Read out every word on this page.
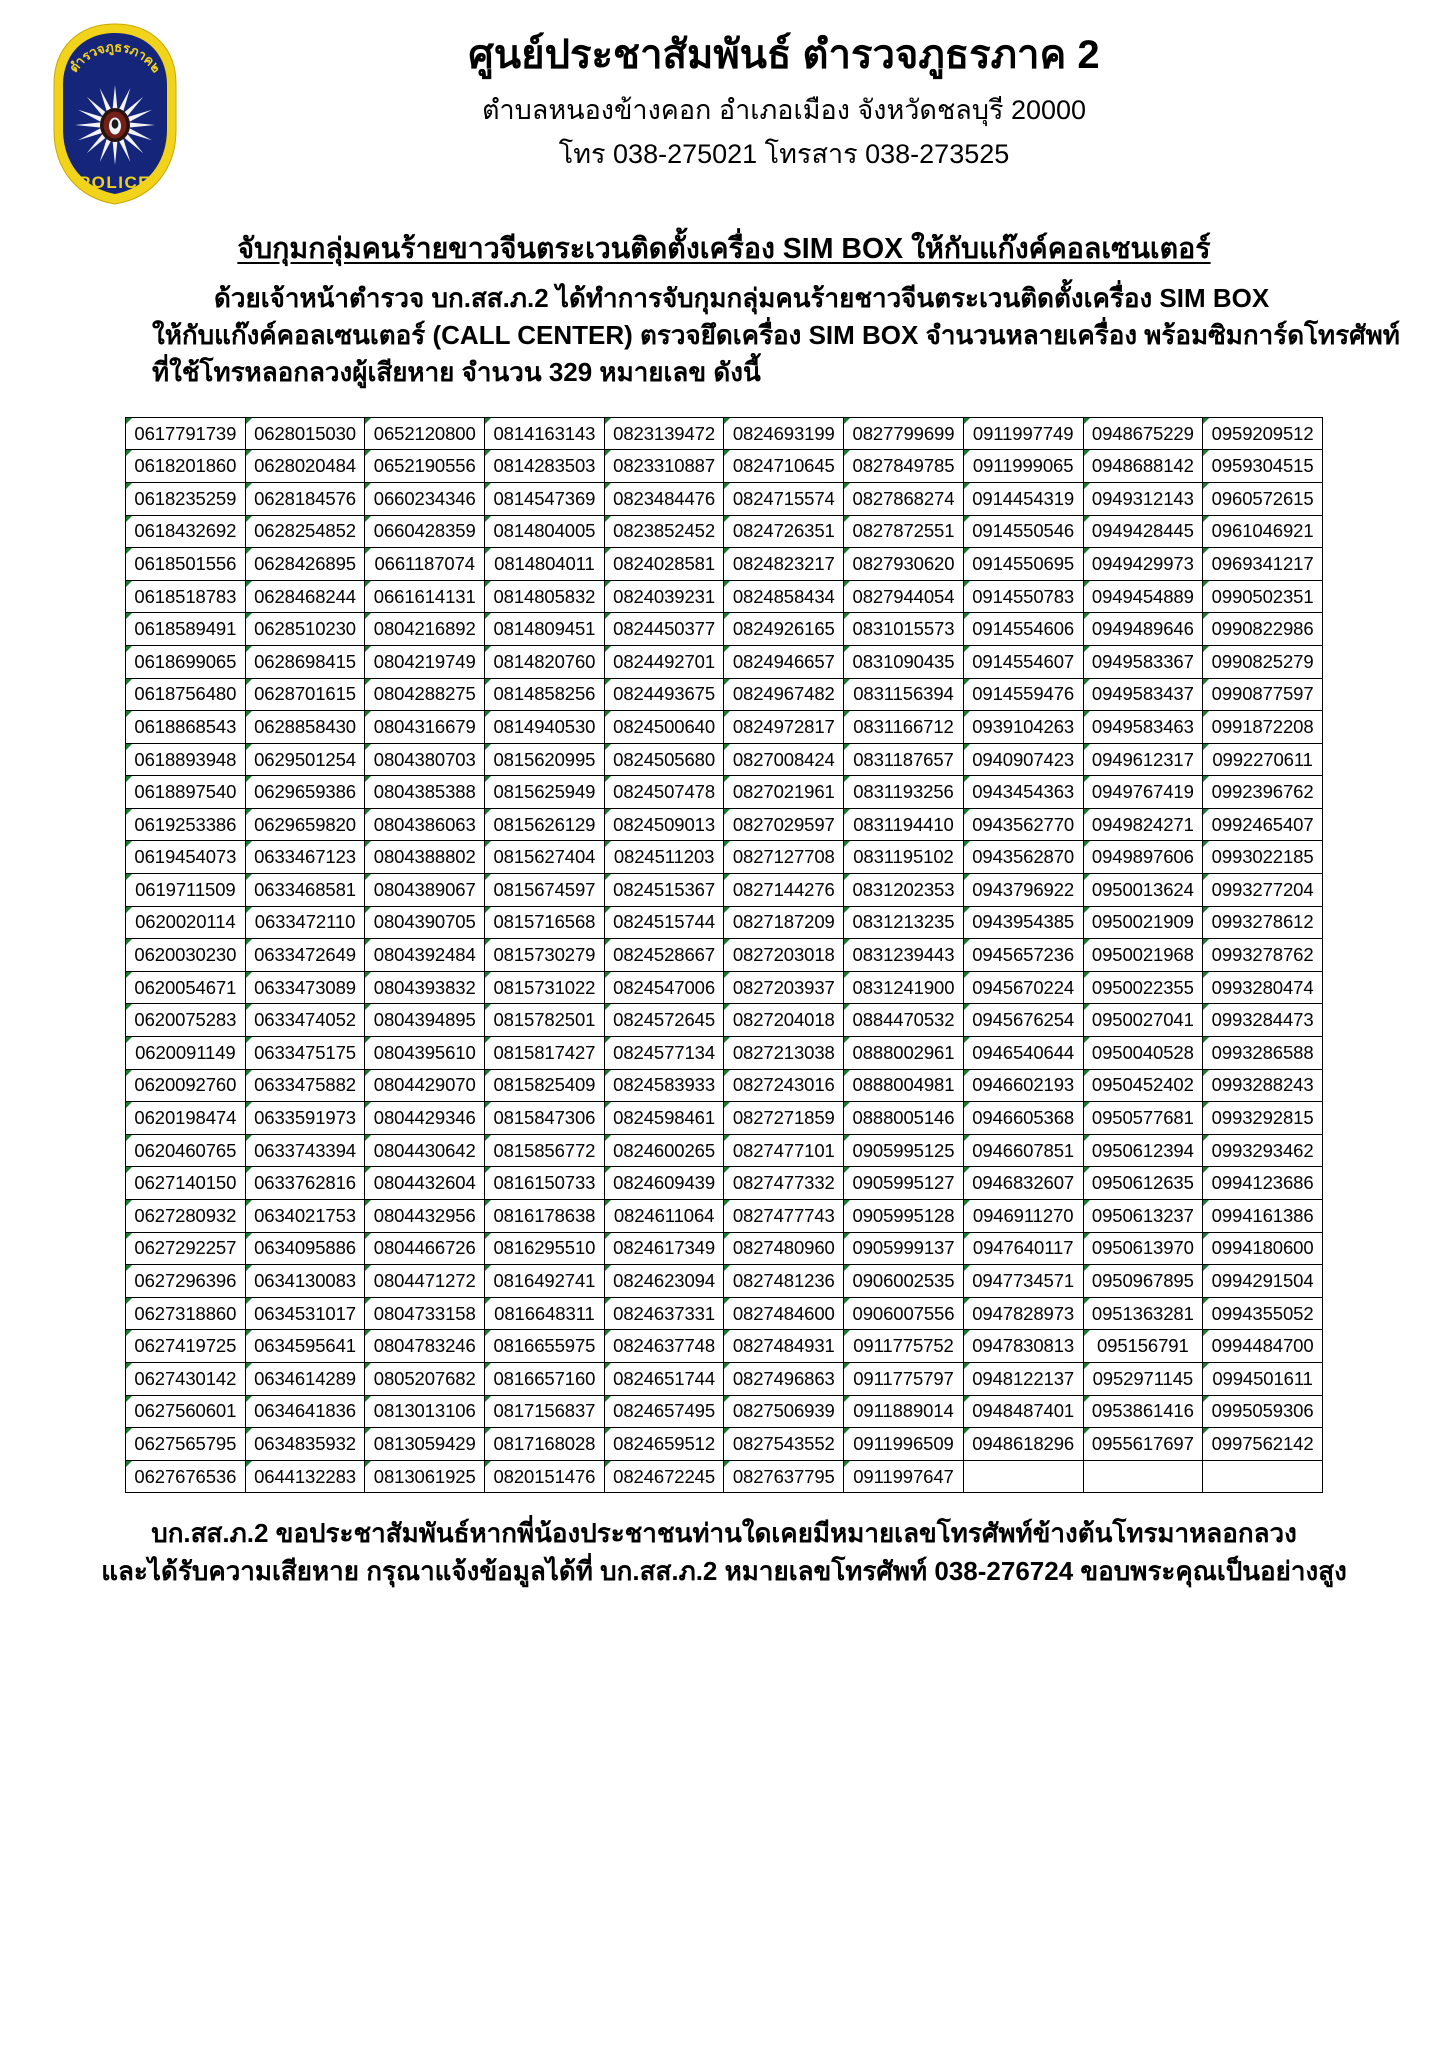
ตำรวจภูธรภาค๒
POLICE
ศูนย์ประชาสัมพันธ์ ตำรวจภูธรภาค 2
ตำบลหนองข้างคอก อำเภอเมือง จังหวัดชลบุรี 20000
โทร 038-275021 โทรสาร 038-273525
จับกุมกลุ่มคนร้ายขาวจีนตระเวนติดตั้งเครื่อง SIM BOX ให้กับแก๊งค์คอลเซนเตอร์
ด้วยเจ้าหน้าตำรวจ บก.สส.ภ.2 ได้ทำการจับกุมกลุ่มคนร้ายชาวจีนตระเวนติดตั้งเครื่อง SIM BOX
ให้กับแก๊งค์คอลเซนเตอร์ (CALL CENTER) ตรวจยึดเครื่อง SIM BOX จำนวนหลายเครื่อง พร้อมซิมการ์ดโทรศัพท์
ที่ใช้โทรหลอกลวงผู้เสียหาย จำนวน 329 หมายเลข ดังนี้
0617791739	0628015030	0652120800	0814163143	0823139472	0824693199	0827799699	0911997749	0948675229	0959209512
0618201860	0628020484	0652190556	0814283503	0823310887	0824710645	0827849785	0911999065	0948688142	0959304515
0618235259	0628184576	0660234346	0814547369	0823484476	0824715574	0827868274	0914454319	0949312143	0960572615
0618432692	0628254852	0660428359	0814804005	0823852452	0824726351	0827872551	0914550546	0949428445	0961046921
0618501556	0628426895	0661187074	0814804011	0824028581	0824823217	0827930620	0914550695	0949429973	0969341217
0618518783	0628468244	0661614131	0814805832	0824039231	0824858434	0827944054	0914550783	0949454889	0990502351
0618589491	0628510230	0804216892	0814809451	0824450377	0824926165	0831015573	0914554606	0949489646	0990822986
0618699065	0628698415	0804219749	0814820760	0824492701	0824946657	0831090435	0914554607	0949583367	0990825279
0618756480	0628701615	0804288275	0814858256	0824493675	0824967482	0831156394	0914559476	0949583437	0990877597
0618868543	0628858430	0804316679	0814940530	0824500640	0824972817	0831166712	0939104263	0949583463	0991872208
0618893948	0629501254	0804380703	0815620995	0824505680	0827008424	0831187657	0940907423	0949612317	0992270611
0618897540	0629659386	0804385388	0815625949	0824507478	0827021961	0831193256	0943454363	0949767419	0992396762
0619253386	0629659820	0804386063	0815626129	0824509013	0827029597	0831194410	0943562770	0949824271	0992465407
0619454073	0633467123	0804388802	0815627404	0824511203	0827127708	0831195102	0943562870	0949897606	0993022185
0619711509	0633468581	0804389067	0815674597	0824515367	0827144276	0831202353	0943796922	0950013624	0993277204
0620020114	0633472110	0804390705	0815716568	0824515744	0827187209	0831213235	0943954385	0950021909	0993278612
0620030230	0633472649	0804392484	0815730279	0824528667	0827203018	0831239443	0945657236	0950021968	0993278762
0620054671	0633473089	0804393832	0815731022	0824547006	0827203937	0831241900	0945670224	0950022355	0993280474
0620075283	0633474052	0804394895	0815782501	0824572645	0827204018	0884470532	0945676254	0950027041	0993284473
0620091149	0633475175	0804395610	0815817427	0824577134	0827213038	0888002961	0946540644	0950040528	0993286588
0620092760	0633475882	0804429070	0815825409	0824583933	0827243016	0888004981	0946602193	0950452402	0993288243
0620198474	0633591973	0804429346	0815847306	0824598461	0827271859	0888005146	0946605368	0950577681	0993292815
0620460765	0633743394	0804430642	0815856772	0824600265	0827477101	0905995125	0946607851	0950612394	0993293462
0627140150	0633762816	0804432604	0816150733	0824609439	0827477332	0905995127	0946832607	0950612635	0994123686
0627280932	0634021753	0804432956	0816178638	0824611064	0827477743	0905995128	0946911270	0950613237	0994161386
0627292257	0634095886	0804466726	0816295510	0824617349	0827480960	0905999137	0947640117	0950613970	0994180600
0627296396	0634130083	0804471272	0816492741	0824623094	0827481236	0906002535	0947734571	0950967895	0994291504
0627318860	0634531017	0804733158	0816648311	0824637331	0827484600	0906007556	0947828973	0951363281	0994355052
0627419725	0634595641	0804783246	0816655975	0824637748	0827484931	0911775752	0947830813	095156791	0994484700
0627430142	0634614289	0805207682	0816657160	0824651744	0827496863	0911775797	0948122137	0952971145	0994501611
0627560601	0634641836	0813013106	0817156837	0824657495	0827506939	0911889014	0948487401	0953861416	0995059306
0627565795	0634835932	0813059429	0817168028	0824659512	0827543552	0911996509	0948618296	0955617697	0997562142
0627676536	0644132283	0813061925	0820151476	0824672245	0827637795	0911997647			
บก.สส.ภ.2 ขอประชาสัมพันธ์หากพี่น้องประชาชนท่านใดเคยมีหมายเลขโทรศัพท์ข้างต้นโทรมาหลอกลวง
และได้รับความเสียหาย กรุณาแจ้งข้อมูลได้ที่ บก.สส.ภ.2 หมายเลขโทรศัพท์ 038-276724 ขอบพระคุณเป็นอย่างสูง
